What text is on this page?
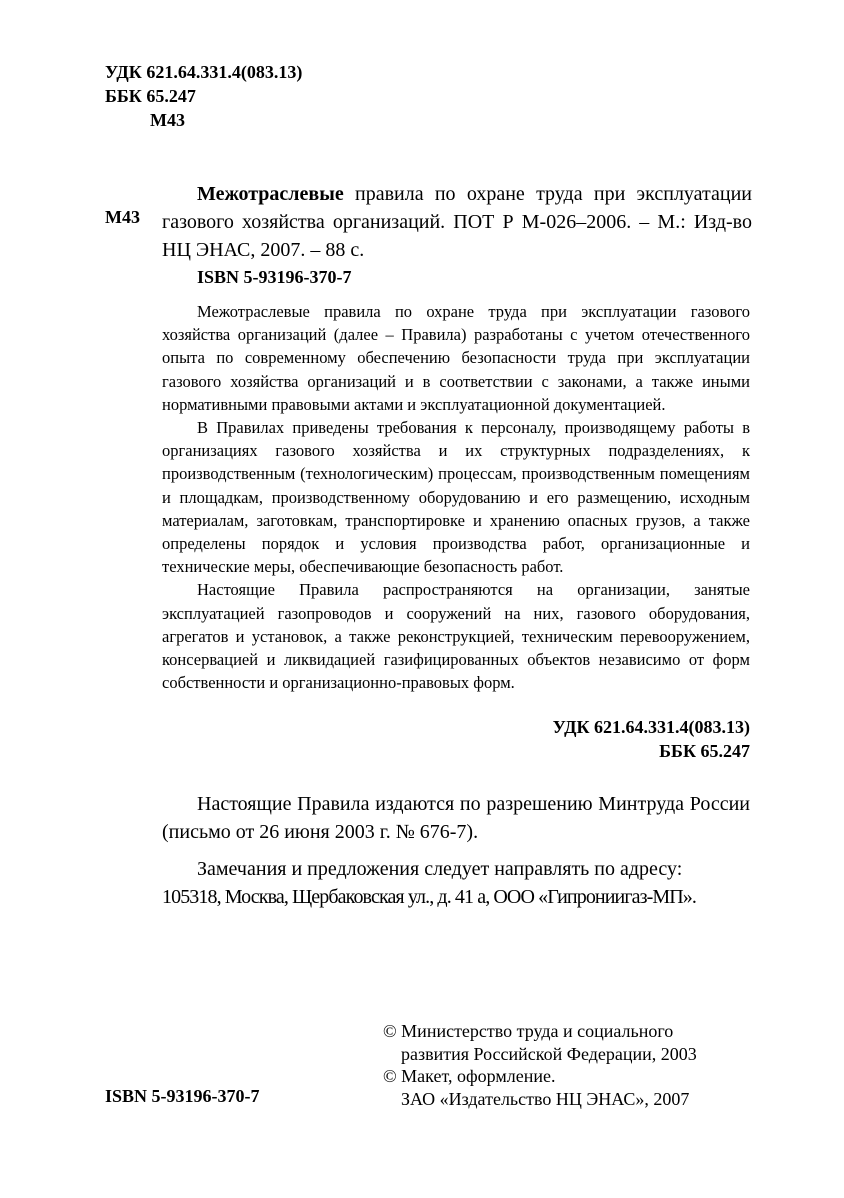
УДК 621.64.331.4(083.13)
ББК 65.247
М43
М43
Межотраслевые правила по охране труда при эксплуатации газового хозяйства организаций. ПОТ Р М-026–2006. – М.: Изд-во НЦ ЭНАС, 2007. – 88 с.
ISBN 5-93196-370-7

Межотраслевые правила по охране труда при эксплуатации газового хозяйства организаций (далее – Правила) разработаны с учетом отечественного опыта по современному обеспечению безопасности труда при эксплуатации газового хозяйства организаций и в соответствии с законами, а также иными нормативными правовыми актами и эксплуатационной документацией.

В Правилах приведены требования к персоналу, производящему работы в организациях газового хозяйства и их структурных подразделениях, к производственным (технологическим) процессам, производственным помещениям и площадкам, производственному оборудованию и его размещению, исходным материалам, заготовкам, транспортировке и хранению опасных грузов, а также определены порядок и условия производства работ, организационные и технические меры, обеспечивающие безопасность работ.

Настоящие Правила распространяются на организации, занятые эксплуатацией газопроводов и сооружений на них, газового оборудования, агрегатов и установок, а также реконструкцией, техническим перевооружением, консервацией и ликвидацией газифицированных объектов независимо от форм собственности и организационно-правовых форм.

УДК 621.64.331.4(083.13)
ББК 65.247

Настоящие Правила издаются по разрешению Минтруда России (письмо от 26 июня 2003 г. № 676-7).

Замечания и предложения следует направлять по адресу:

105318, Москва, Щербаковская ул., д. 41 а, ООО «Гипрониигаз-МП».

© Министерство труда и социального
развития Российской Федерации, 2003
© Макет, оформление.
ЗАО «Издательство НЦ ЭНАС», 2007
ISBN 5-93196-370-7
